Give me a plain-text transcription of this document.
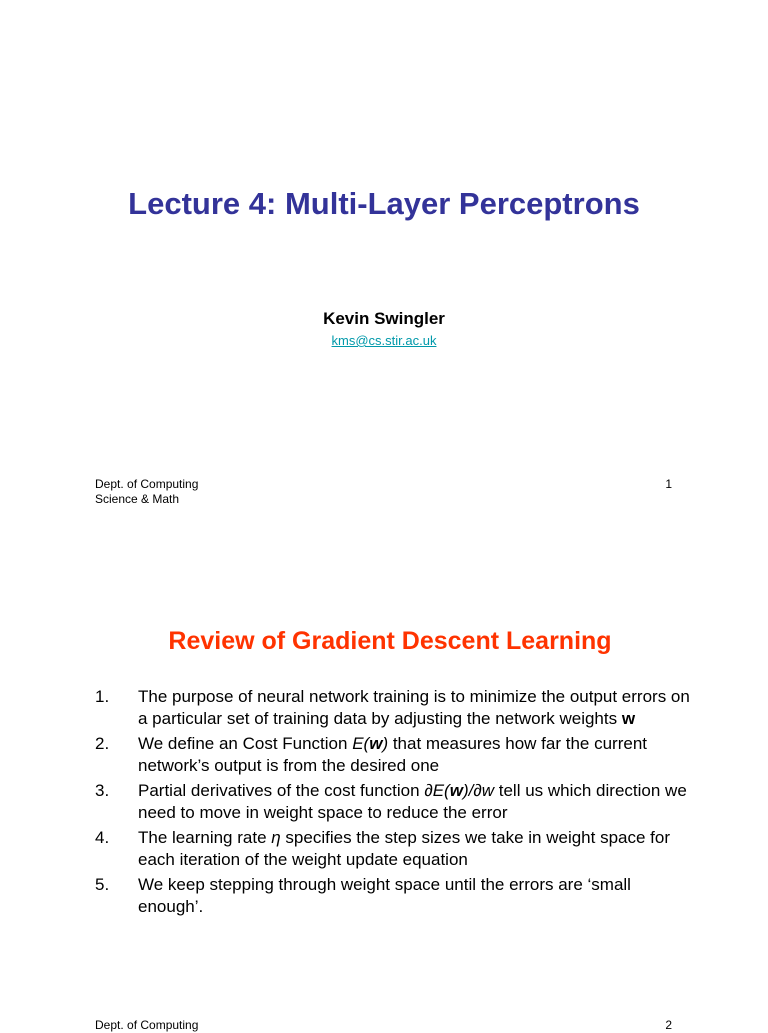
Lecture 4: Multi-Layer Perceptrons
Kevin Swingler
kms@cs.stir.ac.uk
Dept. of Computing
Science & Math
1
Review of Gradient Descent Learning
1. The purpose of neural network training is to minimize the output errors on a particular set of training data by adjusting the network weights w
2. We define an Cost Function E(w) that measures how far the current network’s output is from the desired one
3. Partial derivatives of the cost function ∂E(w)/∂w tell us which direction we need to move in weight space to reduce the error
4. The learning rate η specifies the step sizes we take in weight space for each iteration of the weight update equation
5. We keep stepping through weight space until the errors are ‘small enough’.
Dept. of Computing	2
